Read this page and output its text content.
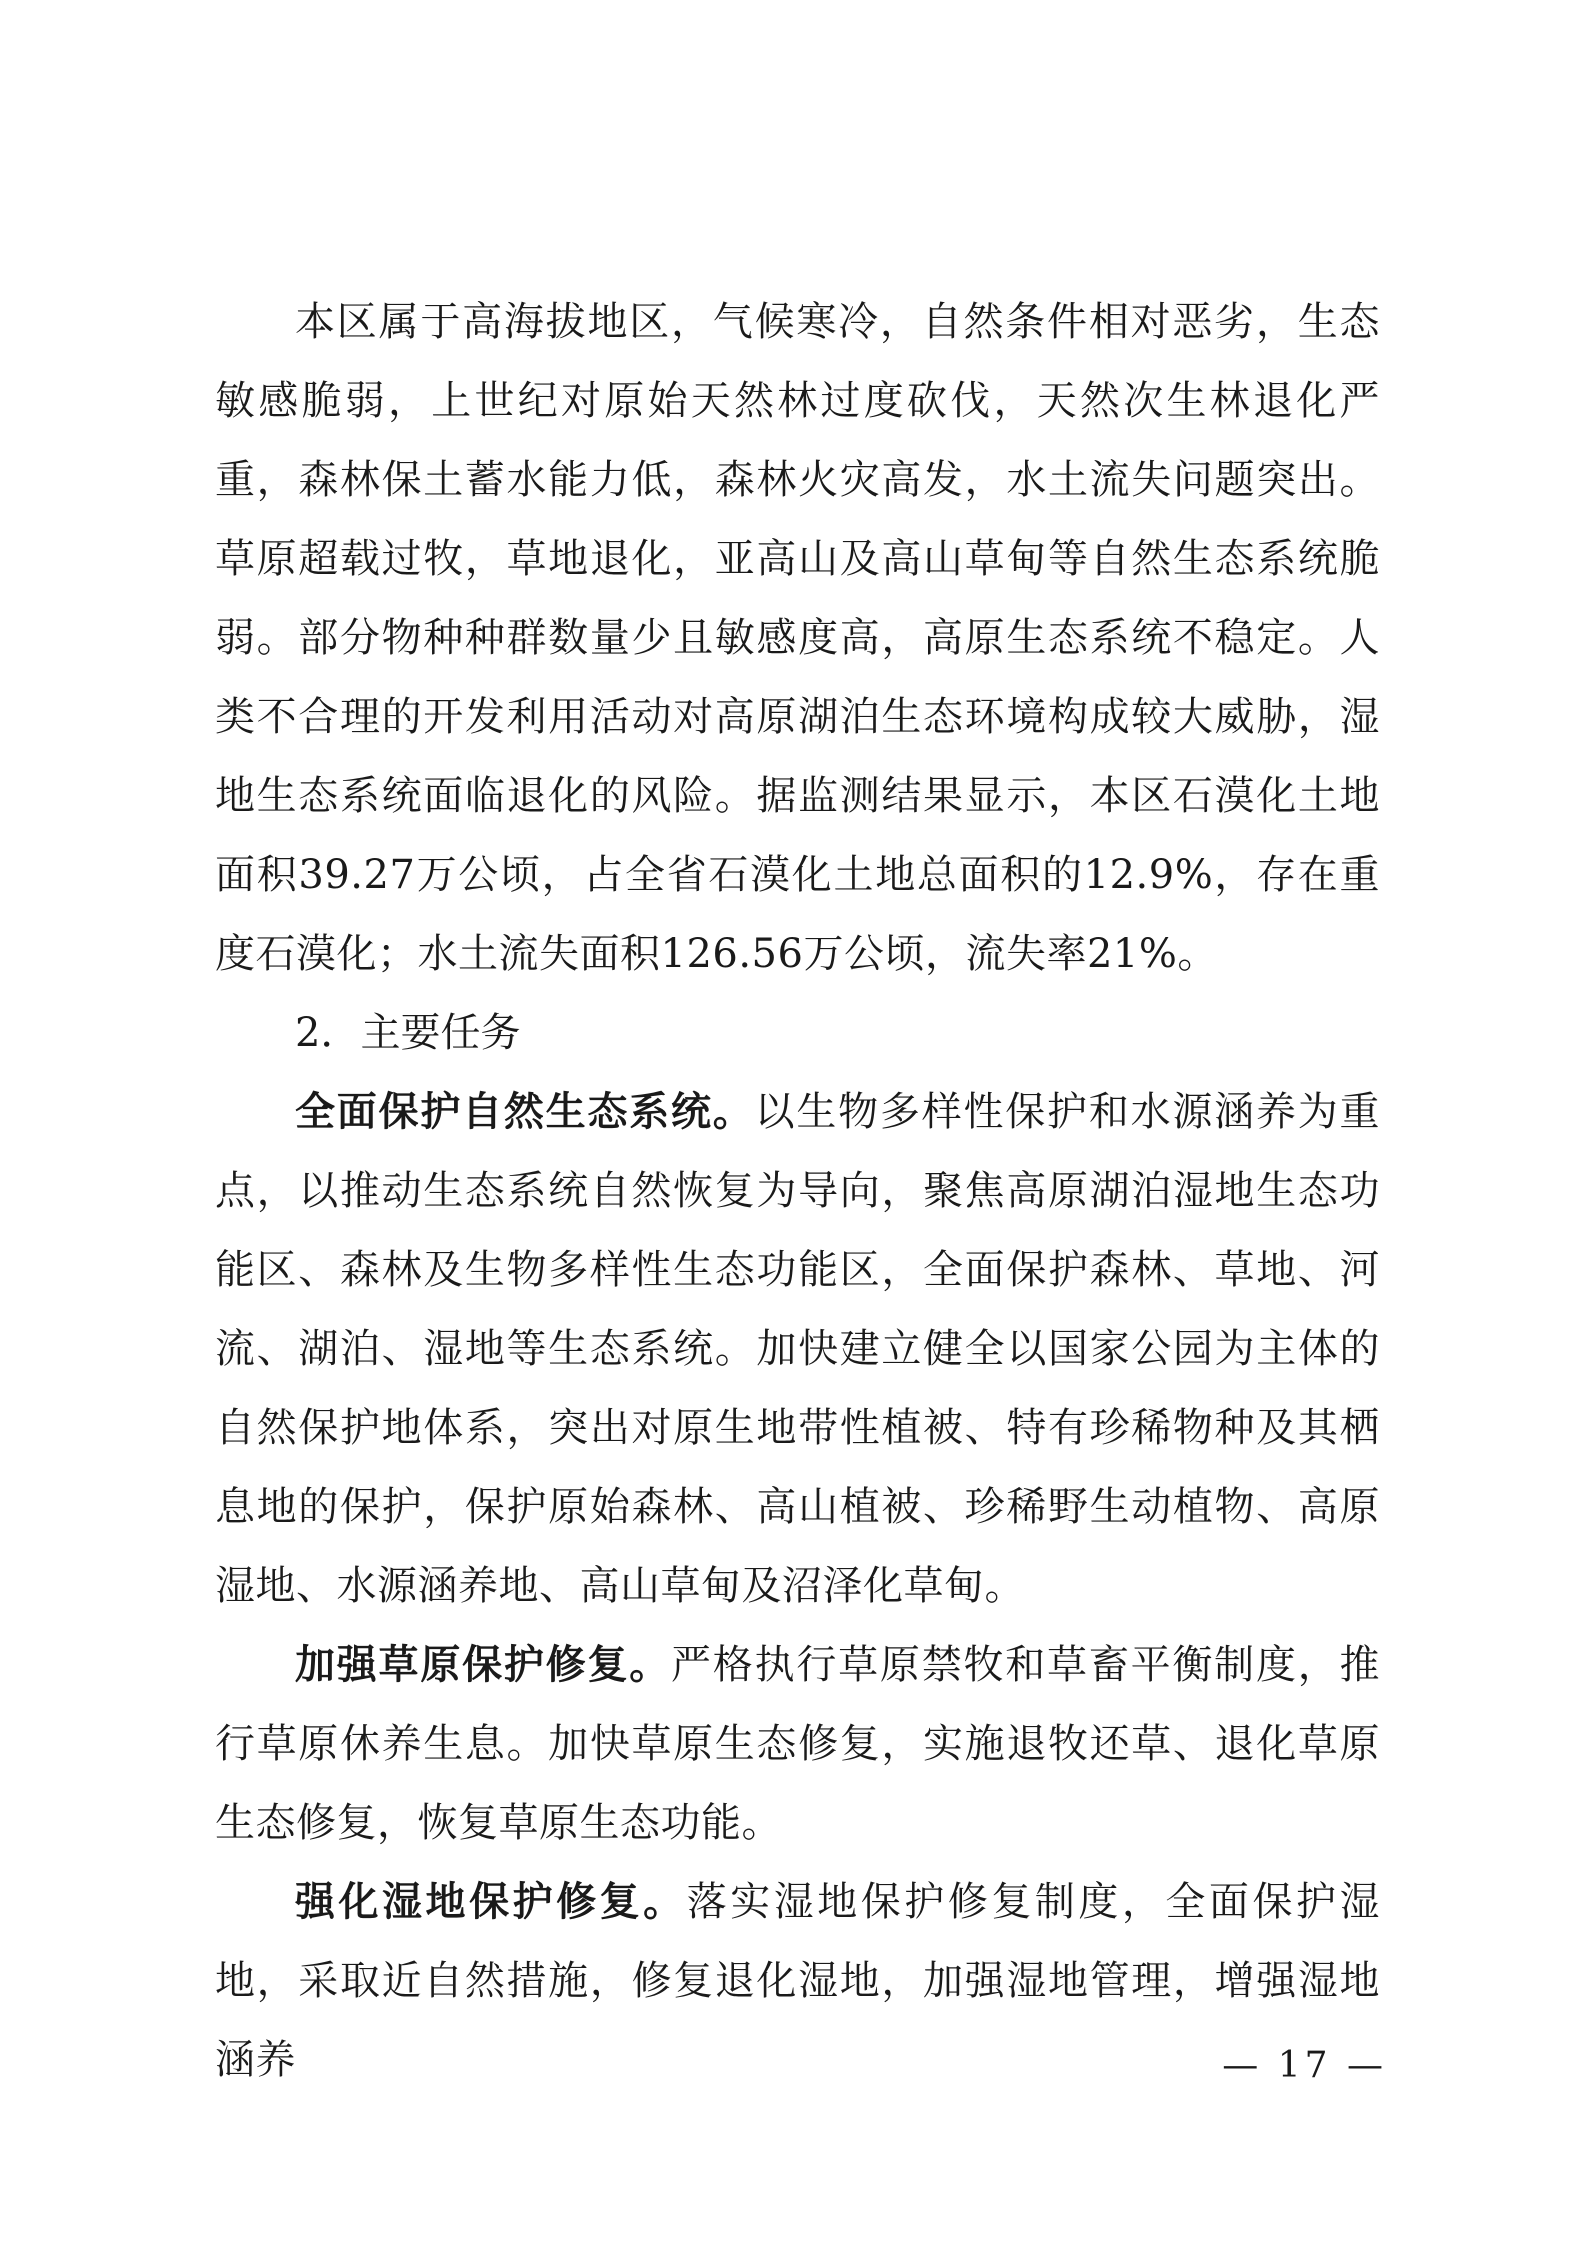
本区属于高海拔地区，气候寒冷，自然条件相对恶劣，生态敏感脆弱，上世纪对原始天然林过度砍伐，天然次生林退化严重，森林保土蓄水能力低，森林火灾高发，水土流失问题突出。草原超载过牧，草地退化，亚高山及高山草甸等自然生态系统脆弱。部分物种种群数量少且敏感度高，高原生态系统不稳定。人类不合理的开发利用活动对高原湖泊生态环境构成较大威胁，湿地生态系统面临退化的风险。据监测结果显示，本区石漠化土地面积39.27万公顷，占全省石漠化土地总面积的12.9%，存在重度石漠化；水土流失面积126.56万公顷，流失率21%。

2．主要任务

全面保护自然生态系统。以生物多样性保护和水源涵养为重点，以推动生态系统自然恢复为导向，聚焦高原湖泊湿地生态功能区、森林及生物多样性生态功能区，全面保护森林、草地、河流、湖泊、湿地等生态系统。加快建立健全以国家公园为主体的自然保护地体系，突出对原生地带性植被、特有珍稀物种及其栖息地的保护，保护原始森林、高山植被、珍稀野生动植物、高原湿地、水源涵养地、高山草甸及沼泽化草甸。

加强草原保护修复。严格执行草原禁牧和草畜平衡制度，推行草原休养生息。加快草原生态修复，实施退牧还草、退化草原生态修复，恢复草原生态功能。

强化湿地保护修复。落实湿地保护修复制度，全面保护湿地，采取近自然措施，修复退化湿地，加强湿地管理，增强湿地涵养	— 17 —
